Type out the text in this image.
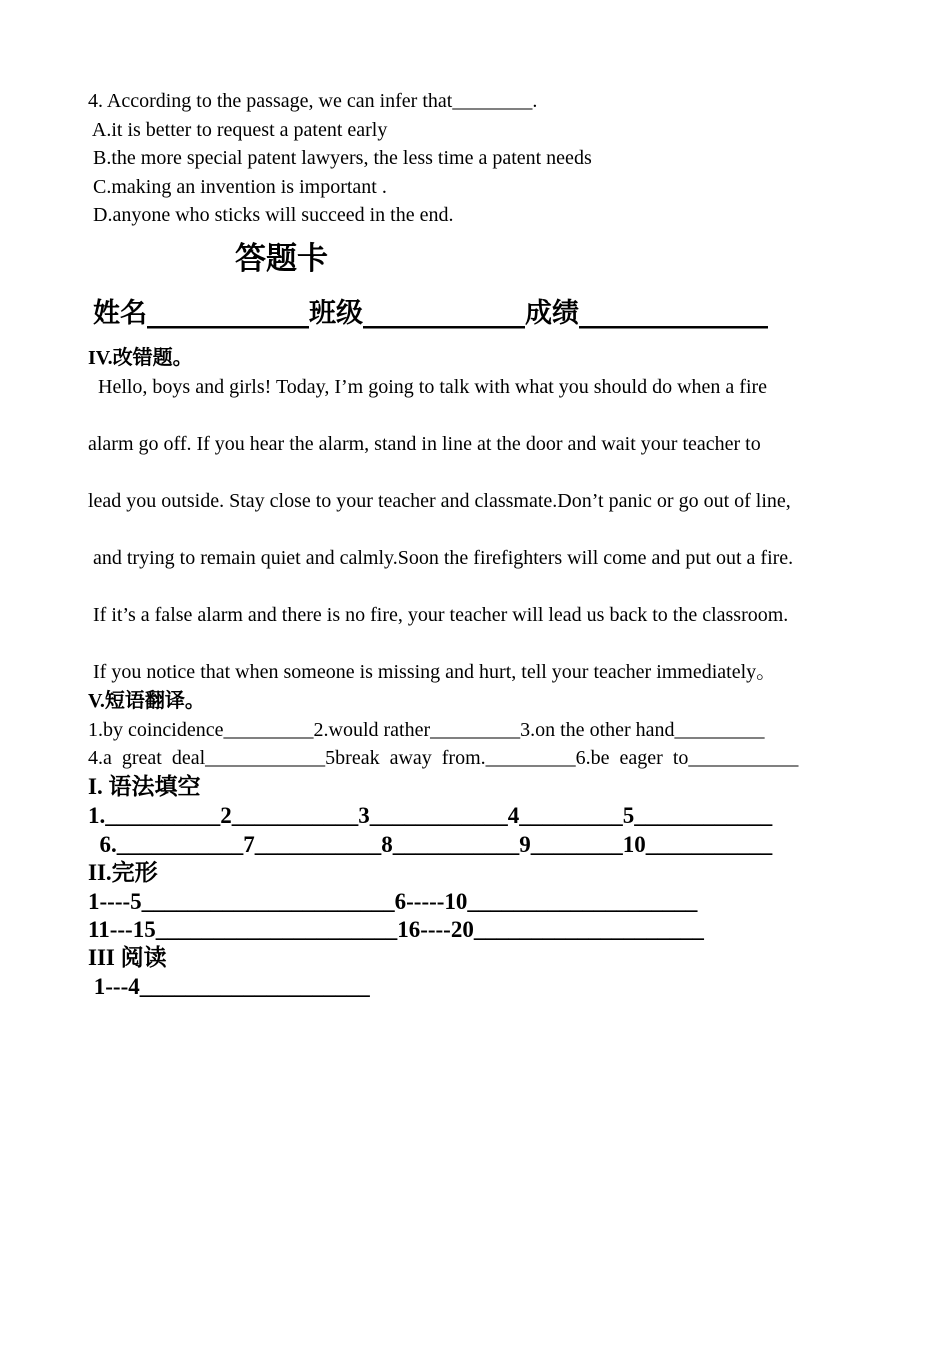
4. According to the passage, we can infer that________.
A.it is better to request a patent early
B.the more special patent lawyers, the less time a patent needs
C.making an invention is important .
D.anyone who sticks will succeed in the end.
答题卡
姓名____________班级____________成绩______________
IV.改错题。
Hello, boys and girls! Today, I’m going to talk with what you should do when a fire
alarm go off. If you hear the alarm, stand in line at the door and wait your teacher to
lead you outside. Stay close to your teacher and classmate.Don’t panic or go out of line,
and trying to remain quiet and calmly.Soon the firefighters will come and put out a fire.
If it’s a false alarm and there is no fire, your teacher will lead us back to the classroom.
If you notice that when someone is missing and hurt, tell your teacher immediately。
V.短语翻译。
1.by coincidence_________2.would rather_________3.on the other hand_________
4.a  great  deal____________5break  away  from._________6.be  eager  to___________
I. 语法填空
1.__________2___________3____________4_________5____________
6.___________7___________8___________9________10___________
II.完形
1----5______________________6-----10____________________
11---15_____________________16----20____________________
III 阅读
1---4____________________
